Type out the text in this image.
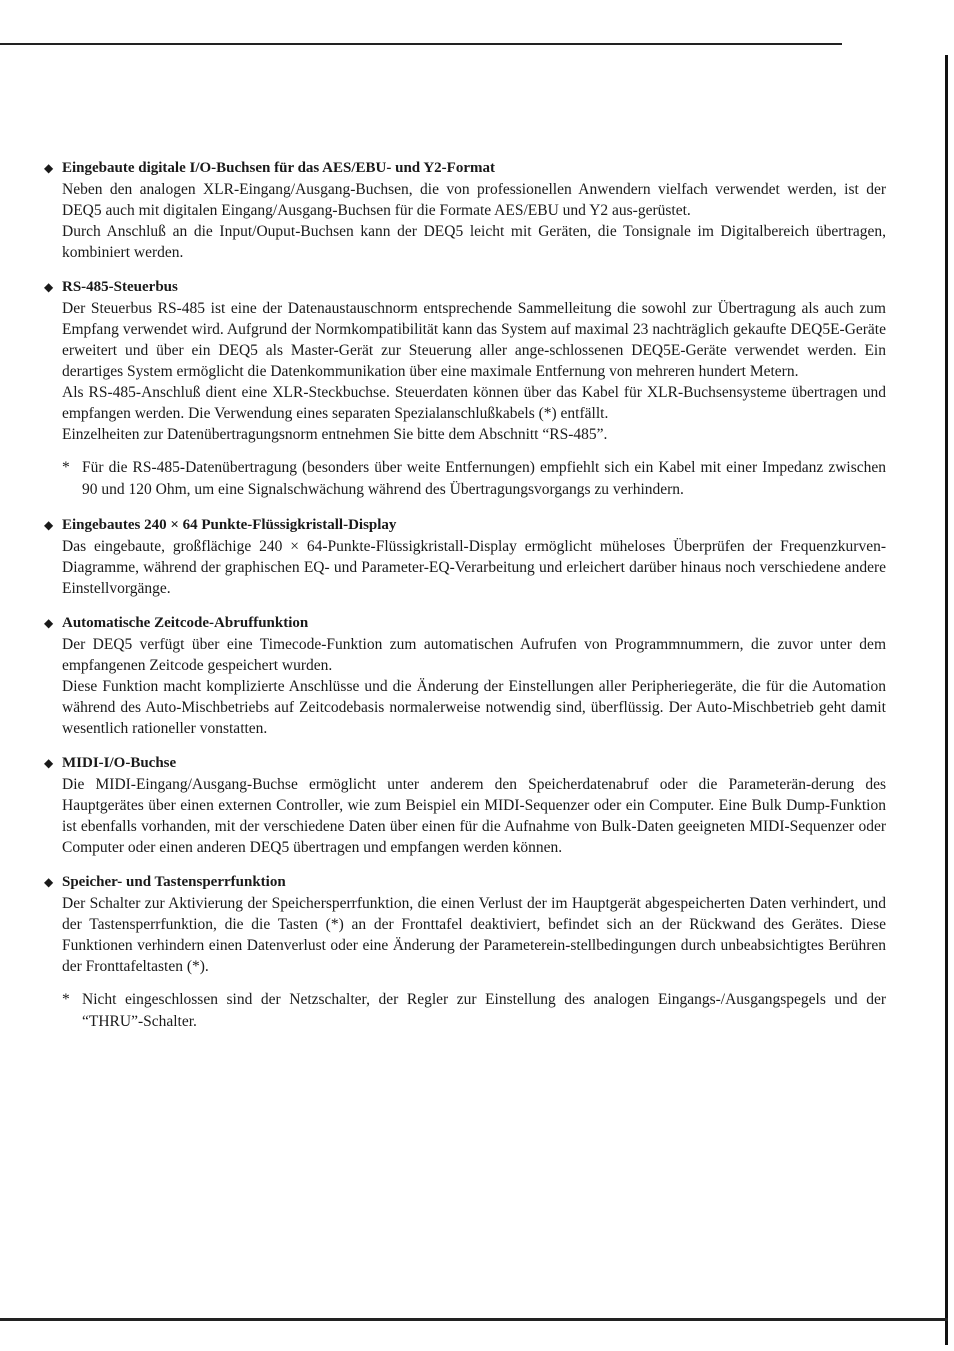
◆ Eingebaute digitale I/O-Buchsen für das AES/EBU- und Y2-Format

Neben den analogen XLR-Eingang/Ausgang-Buchsen, die von professionellen Anwendern vielfach verwendet werden, ist der DEQ5 auch mit digitalen Eingang/Ausgang-Buchsen für die Formate AES/EBU und Y2 aus-gerüstet.

Durch Anschluß an die Input/Ouput-Buchsen kann der DEQ5 leicht mit Geräten, die Tonsignale im Digitalbereich übertragen, kombiniert werden.

◆ RS-485-Steuerbus

Der Steuerbus RS-485 ist eine der Datenaustauschnorm entsprechende Sammelleitung die sowohl zur Übertragung als auch zum Empfang verwendet wird. Aufgrund der Normkompatibilität kann das System auf maximal 23 nachträglich gekaufte DEQ5E-Geräte erweitert und über ein DEQ5 als Master-Gerät zur Steuerung aller ange-schlossenen DEQ5E-Geräte verwendet werden. Ein derartiges System ermöglicht die Datenkommunikation über eine maximale Entfernung von mehreren hundert Metern.

Als RS-485-Anschluß dient eine XLR-Steckbuchse. Steuerdaten können über das Kabel für XLR-Buchsensysteme übertragen und empfangen werden. Die Verwendung eines separaten Spezialanschlußkabels (*) entfällt.

Einzelheiten zur Datenübertragungsnorm entnehmen Sie bitte dem Abschnitt “RS-485”.

* Für die RS-485-Datenübertragung (besonders über weite Entfernungen) empfiehlt sich ein Kabel mit einer Impedanz zwischen 90 und 120 Ohm, um eine Signalschwächung während des Übertragungsvorgangs zu verhindern.
◆ Eingebautes 240 × 64 Punkte-Flüssigkristall-Display

Das eingebaute, großflächige 240 × 64-Punkte-Flüssigkristall-Display ermöglicht müheloses Überprüfen der Frequenzkurven-Diagramme, während der graphischen EQ- und Parameter-EQ-Verarbeitung und erleichert darüber hinaus noch verschiedene andere Einstellvorgänge.

◆ Automatische Zeitcode-Abruffunktion

Der DEQ5 verfügt über eine Timecode-Funktion zum automatischen Aufrufen von Programmnummern, die zuvor unter dem empfangenen Zeitcode gespeichert wurden.

Diese Funktion macht komplizierte Anschlüsse und die Änderung der Einstellungen aller Peripheriegeräte, die für die Automation während des Auto-Mischbetriebs auf Zeitcodebasis normalerweise notwendig sind, überflüssig. Der Auto-Mischbetrieb geht damit wesentlich rationeller vonstatten.

◆ MIDI-I/O-Buchse

Die MIDI-Eingang/Ausgang-Buchse ermöglicht unter anderem den Speicherdatenabruf oder die Parameterän-derung des Hauptgerätes über einen externen Controller, wie zum Beispiel ein MIDI-Sequenzer oder ein Computer. Eine Bulk Dump-Funktion ist ebenfalls vorhanden, mit der verschiedene Daten über einen für die Aufnahme von Bulk-Daten geeigneten MIDI-Sequenzer oder Computer oder einen anderen DEQ5 übertragen und empfangen werden können.

◆ Speicher- und Tastensperrfunktion

Der Schalter zur Aktivierung der Speichersperrfunktion, die einen Verlust der im Hauptgerät abgespeicherten Daten verhindert, und der Tastensperrfunktion, die die Tasten (*) an der Fronttafel deaktiviert, befindet sich an der Rückwand des Gerätes. Diese Funktionen verhindern einen Datenverlust oder eine Änderung der Parameterein-stellbedingungen durch unbeabsichtigtes Berühren der Fronttafeltasten (*).

* Nicht eingeschlossen sind der Netzschalter, der Regler zur Einstellung des analogen Eingangs-/Ausgangspegels und der “THRU”-Schalter.
